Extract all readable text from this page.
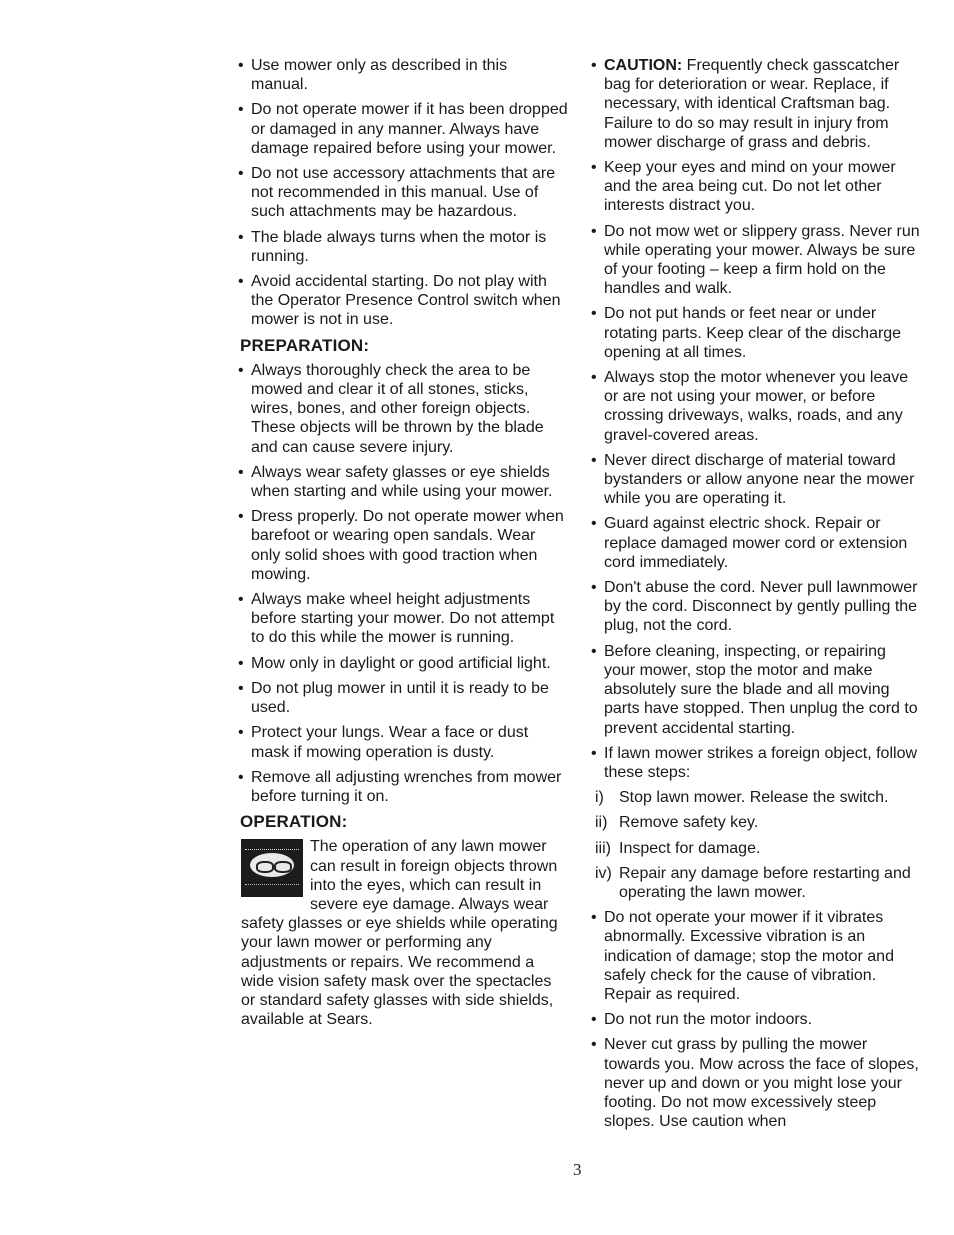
• Use mower only as described in this manual.
• Do not operate mower if it has been dropped or damaged in any manner. Always have damage repaired before using your mower.
• Do not use accessory attachments that are not recommended in this manual. Use of such attachments may be hazardous.
• The blade always turns when the motor is running.
• Avoid accidental starting. Do not play with the Operator Presence Control switch when mower is not in use.
PREPARATION:
• Always thoroughly check the area to be mowed and clear it of all stones, sticks, wires, bones, and other foreign objects. These objects will be thrown by the blade and can cause severe injury.
• Always wear safety glasses or eye shields when starting and while using your mower.
• Dress properly. Do not operate mower when barefoot or wearing open sandals. Wear only solid shoes with good traction when mowing.
• Always make wheel height adjustments before starting your mower. Do not attempt to do this while the mower is running.
• Mow only in daylight or good artificial light.
• Do not plug mower in until it is ready to be used.
• Protect your lungs. Wear a face or dust mask if mowing operation is dusty.
• Remove all adjusting wrenches from mower before turning it on.
OPERATION:
The operation of any lawn mower can result in foreign objects thrown into the eyes, which can result in severe eye damage. Always wear safety glasses or eye shields while operating your lawn mower or performing any adjustments or repairs. We recommend a wide vision safety mask over the spectacles or standard safety glasses with side shields, available at Sears.
• CAUTION: Frequently check gasscatcher bag for deterioration or wear. Replace, if necessary, with identical Craftsman bag. Failure to do so may result in injury from mower discharge of grass and debris.
• Keep your eyes and mind on your mower and the area being cut. Do not let other interests distract you.
• Do not mow wet or slippery grass. Never run while operating your mower. Always be sure of your footing – keep a firm hold on the handles and walk.
• Do not put hands or feet near or under rotating parts. Keep clear of the discharge opening at all times.
• Always stop the motor whenever you leave or are not using your mower, or before crossing driveways, walks, roads, and any gravel-covered areas.
• Never direct discharge of material toward bystanders or allow anyone near the mower while you are operating it.
• Guard against electric shock. Repair or replace damaged mower cord or extension cord immediately.
• Don't abuse the cord. Never pull lawnmower by the cord. Disconnect by gently pulling the plug, not the cord.
• Before cleaning, inspecting, or repairing your mower, stop the motor and make absolutely sure the blade and all moving parts have stopped. Then unplug the cord to prevent accidental starting.
• If lawn mower strikes a foreign object, follow these steps:
i) Stop lawn mower. Release the switch.
ii) Remove safety key.
iii) Inspect for damage.
iv) Repair any damage before restarting and operating the lawn mower.
• Do not operate your mower if it vibrates abnormally. Excessive vibration is an indication of damage; stop the motor and safely check for the cause of vibration. Repair as required.
• Do not run the motor indoors.
• Never cut grass by pulling the mower towards you. Mow across the face of slopes, never up and down or you might lose your footing. Do not mow excessively steep slopes. Use caution when
3
